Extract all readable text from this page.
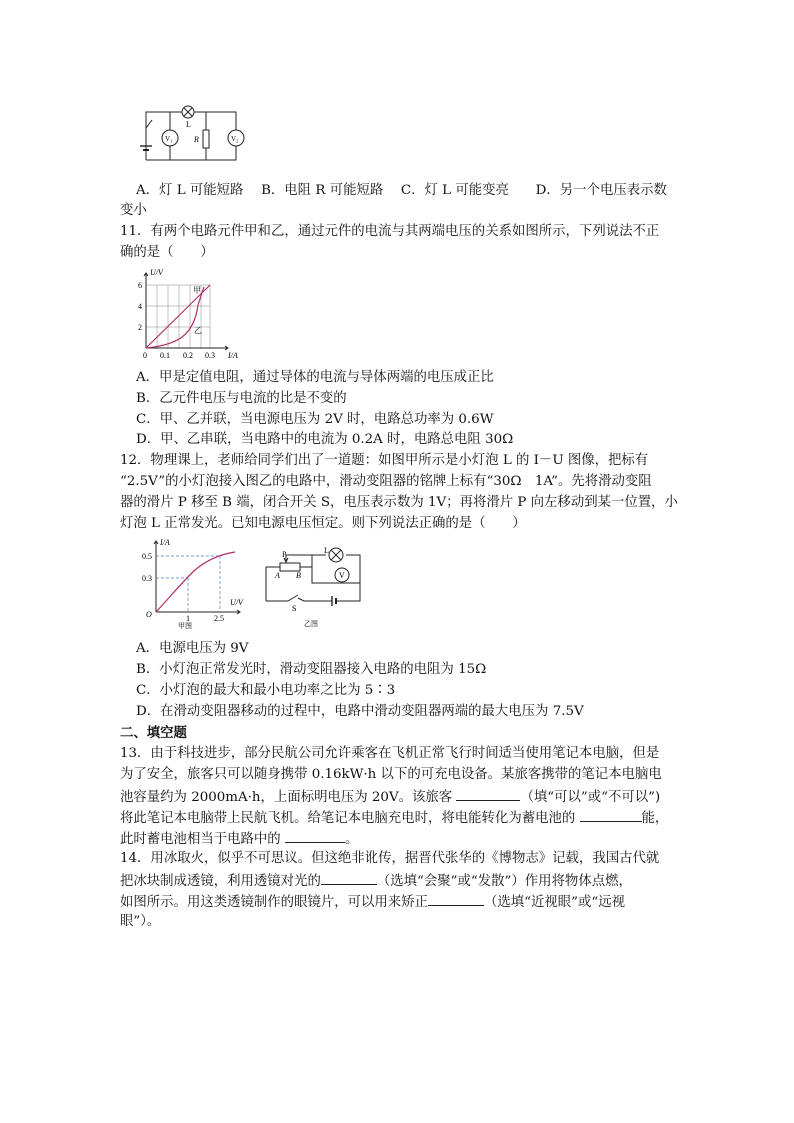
L
R
V₁	V₂
A．灯 L 可能短路　 B．电阻 R 可能短路　 C．灯 L 可能变亮　　D．另一个电压表示数
变小
11．有两个电路元件甲和乙，通过元件的电流与其两端电压的关系如图所示，下列说法不正
确的是（　　）
U/V
I/A
2
4
6
0 0.1 0.2 0.3
甲
乙
A．甲是定值电阻，通过导体的电流与导体两端的电压成正比
B．乙元件电压与电流的比是不变的
C．甲、乙并联，当电源电压为 2V 时，电路总功率为 0.6W
D．甲、乙串联，当电路中的电流为 0.2A 时，电路总电阻 30Ω
12．物理课上，老师给同学们出了一道题：如图甲所示是小灯泡 L 的 I－U 图像，把标有
“2.5V”的小灯泡接入图乙的电路中，滑动变阻器的铭牌上标有“30Ω　1A”。先将滑动变阻
器的滑片 P 移至 B 端，闭合开关 S，电压表示数为 1V；再将滑片 P 向左移动到某一位置，小
灯泡 L 正常发光。已知电源电压恒定。则下列说法正确的是（　　）
I/A
U/V
O
0.5
0.3
1	2.5
甲图
P
A B
L
V
S
乙图
A．电源电压为 9V
B．小灯泡正常发光时，滑动变阻器接入电路的电阻为 15Ω
C．小灯泡的最大和最小电功率之比为 5∶3
D．在滑动变阻器移动的过程中，电路中滑动变阻器两端的最大电压为 7.5V
二、填空题
13．由于科技进步，部分民航公司允许乘客在飞机正常飞行时间适当使用笔记本电脑，但是
为了安全，旅客只可以随身携带 0.16kW·h 以下的可充电设备。某旅客携带的笔记本电脑电
池容量约为 2000mA·h，上面标明电压为 20V。该旅客	（填“可以”或“不可以”)
将此笔记本电脑带上民航飞机。给笔记本电脑充电时，将电能转化为蓄电池的	能，
此时蓄电池相当于电路中的	。
14．用冰取火，似乎不可思议。但这绝非讹传，据晋代张华的《博物志》记载，我国古代就
把冰块制成透镜，利用透镜对光的	（选填“会聚”或“发散”）作用将物体点燃，
如图所示。用这类透镜制作的眼镜片，可以用来矫正	（选填“近视眼”或“远视
眼”）。
